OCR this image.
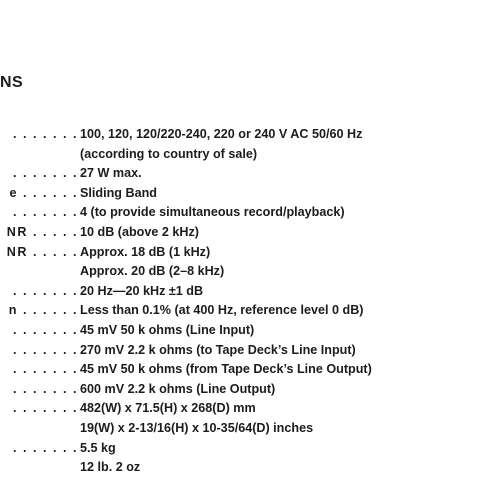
NS
. . . . . . . 100, 120, 120/220-240, 220 or 240 V AC 50/60 Hz
(according to country of sale)
. . . . . . . 27 W max.
e . . . . . . Sliding Band
. . . . . . . 4 (to provide simultaneous record/playback)
NR . . . . . 10 dB (above 2 kHz)
NR . . . . . Approx. 18 dB (1 kHz)
Approx. 20 dB (2–8 kHz)
. . . . . . . 20 Hz—20 kHz ±1 dB
n . . . . . . Less than 0.1% (at 400 Hz, reference level 0 dB)
. . . . . . . 45 mV 50 k ohms (Line Input)
. . . . . . . 270 mV 2.2 k ohms (to Tape Deck’s Line Input)
. . . . . . . 45 mV 50 k ohms (from Tape Deck’s Line Output)
. . . . . . . 600 mV 2.2 k ohms (Line Output)
. . . . . . . 482(W) x 71.5(H) x 268(D) mm
19(W) x 2-13/16(H) x 10-35/64(D) inches
. . . . . . . 5.5 kg
12 lb. 2 oz
